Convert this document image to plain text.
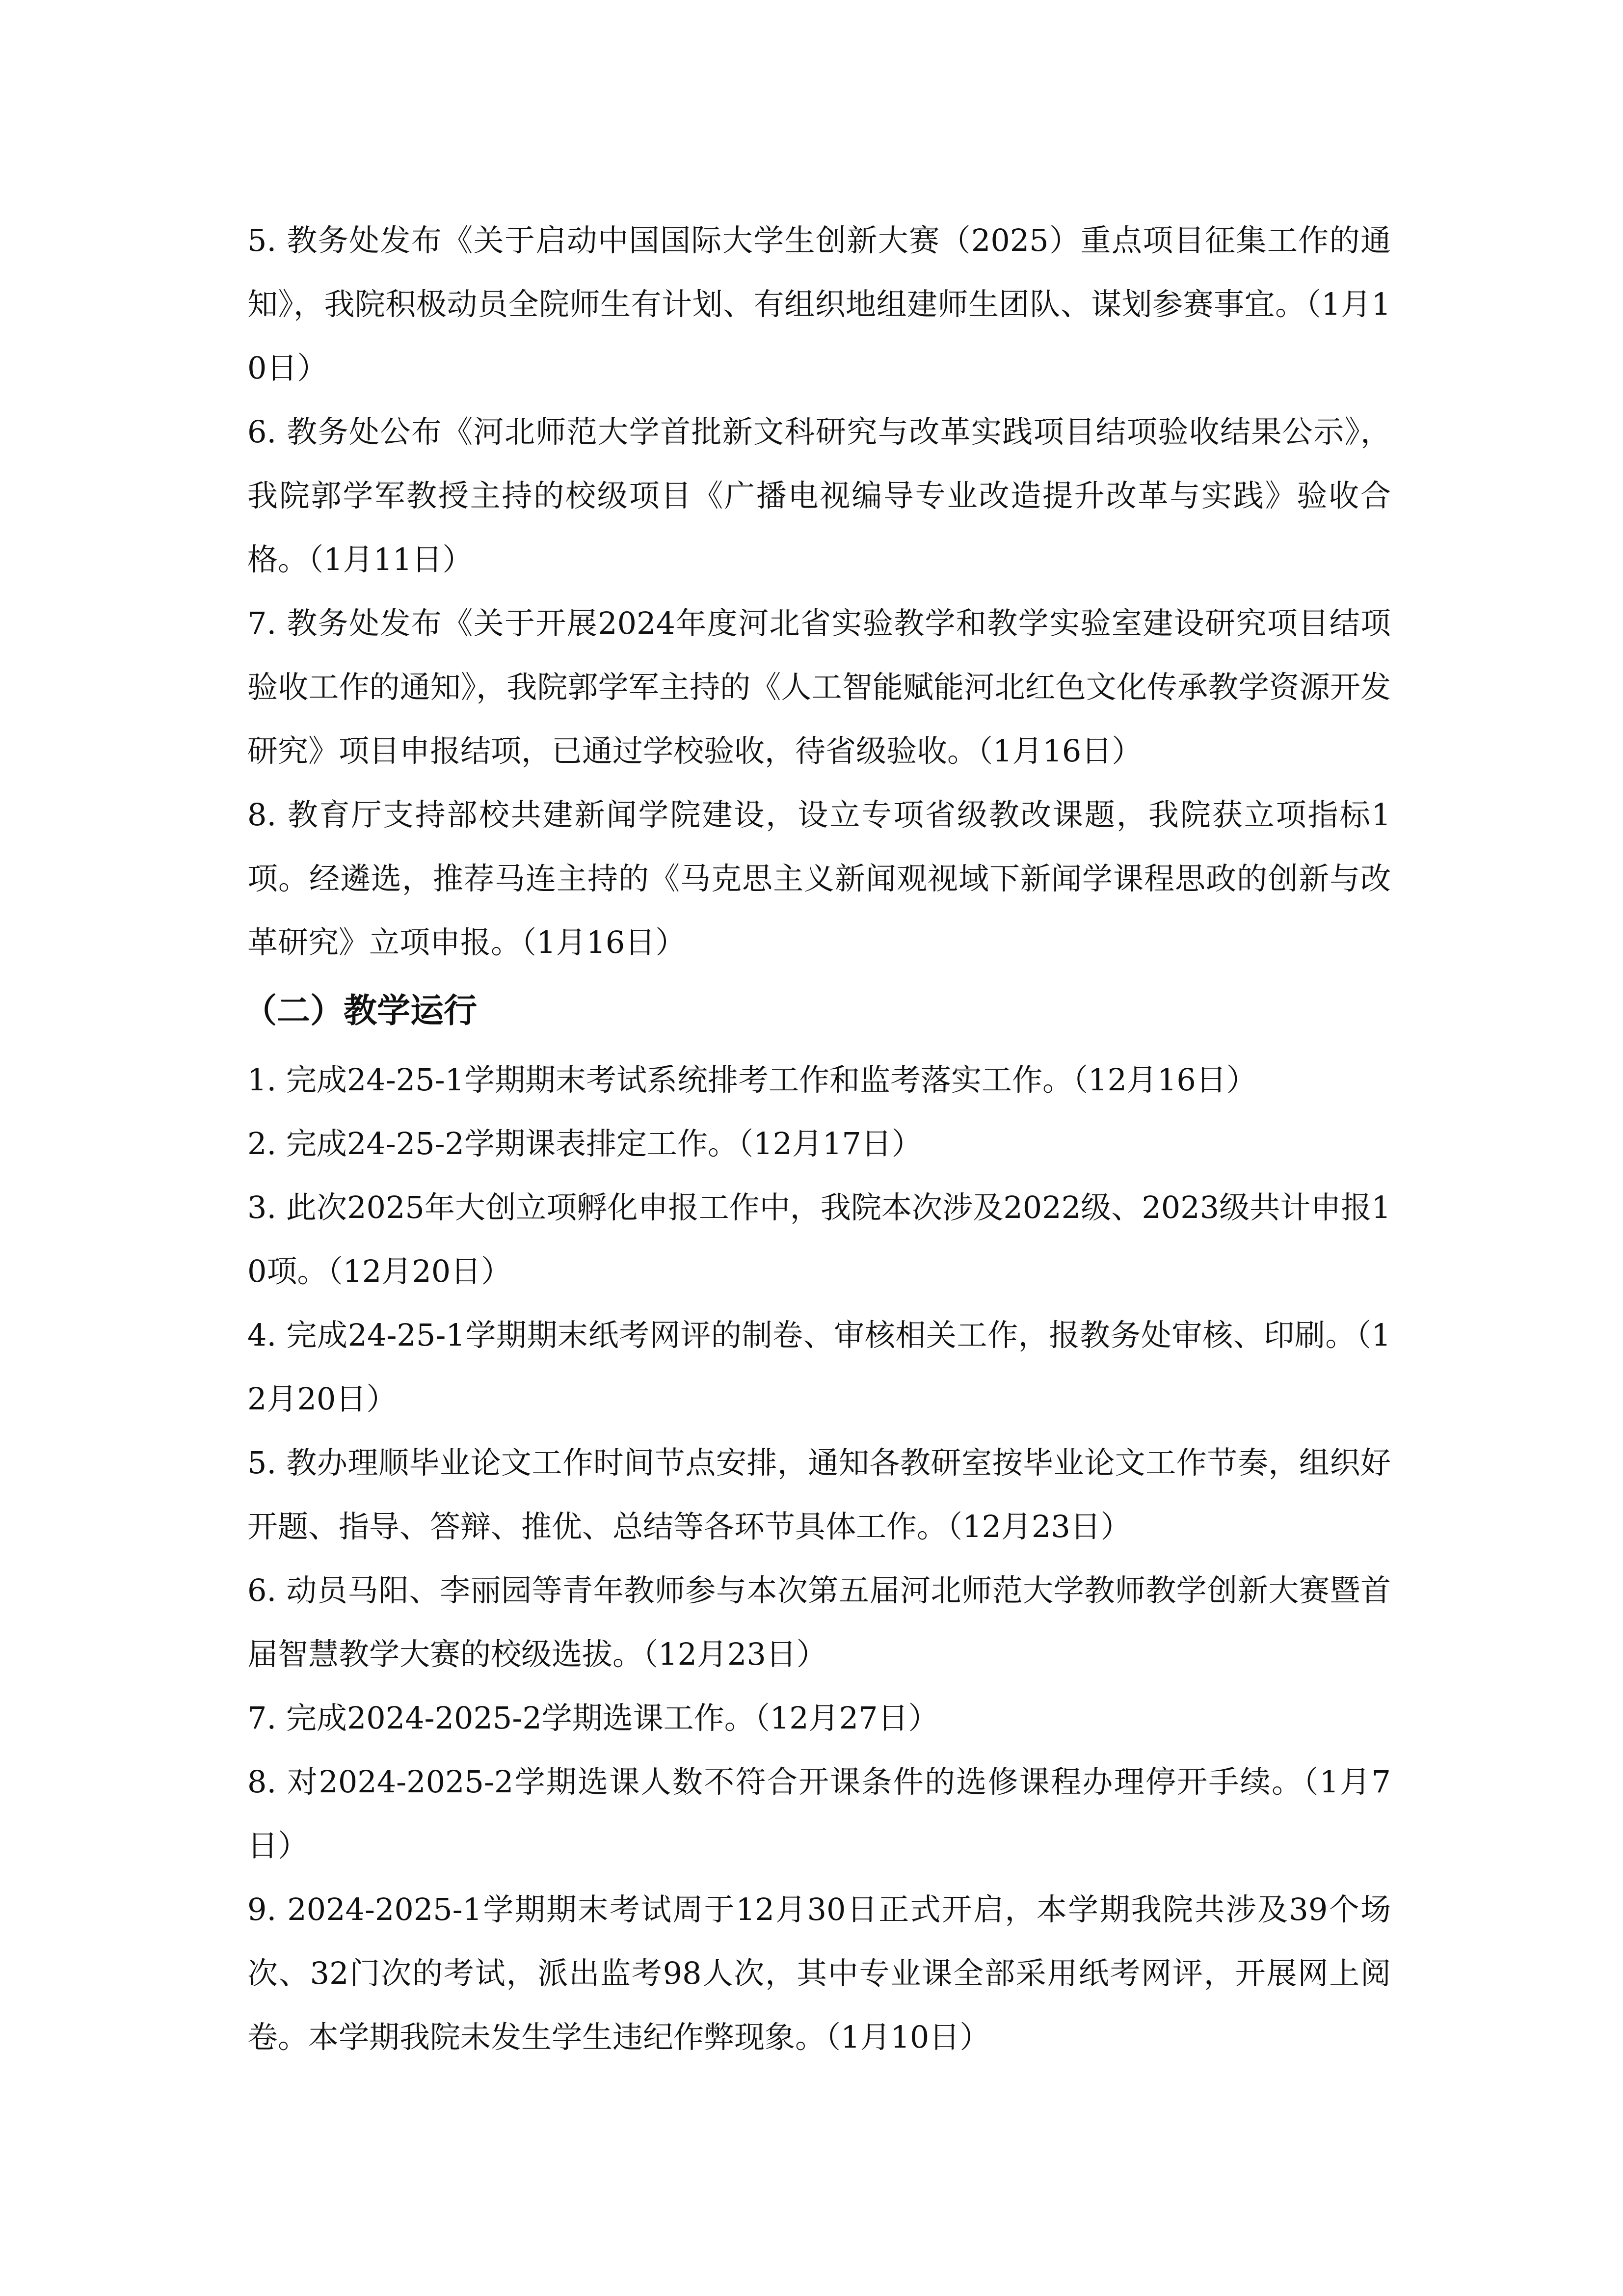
5. 教务处发布《关于启动中国国际大学生创新大赛（2025）重点项目征集工作的通知》，我院积极动员全院师生有计划、有组织地组建师生团队、谋划参赛事宜。（1月10日）

6. 教务处公布《河北师范大学首批新文科研究与改革实践项目结项验收结果公示》，我院郭学军教授主持的校级项目《广播电视编导专业改造提升改革与实践》验收合格。（1月11日）

7. 教务处发布《关于开展2024年度河北省实验教学和教学实验室建设研究项目结项验收工作的通知》，我院郭学军主持的《人工智能赋能河北红色文化传承教学资源开发研究》项目申报结项，已通过学校验收，待省级验收。（1月16日）

8. 教育厅支持部校共建新闻学院建设，设立专项省级教改课题，我院获立项指标1项。经遴选，推荐马连主持的《马克思主义新闻观视域下新闻学课程思政的创新与改革研究》立项申报。（1月16日）

（二）教学运行

1. 完成24-25-1学期期末考试系统排考工作和监考落实工作。（12月16日）

2. 完成24-25-2学期课表排定工作。（12月17日）

3. 此次2025年大创立项孵化申报工作中，我院本次涉及2022级、2023级共计申报10项。（12月20日）

4. 完成24-25-1学期期末纸考网评的制卷、审核相关工作，报教务处审核、印刷。（12月20日）

5. 教办理顺毕业论文工作时间节点安排，通知各教研室按毕业论文工作节奏，组织好开题、指导、答辩、推优、总结等各环节具体工作。（12月23日）

6. 动员马阳、李丽园等青年教师参与本次第五届河北师范大学教师教学创新大赛暨首届智慧教学大赛的校级选拔。（12月23日）

7. 完成2024-2025-2学期选课工作。（12月27日）

8. 对2024-2025-2学期选课人数不符合开课条件的选修课程办理停开手续。（1月7日）

9. 2024-2025-1学期期末考试周于12月30日正式开启，本学期我院共涉及39个场次、32门次的考试，派出监考98人次，其中专业课全部采用纸考网评，开展网上阅卷。本学期我院未发生学生违纪作弊现象。（1月10日）
